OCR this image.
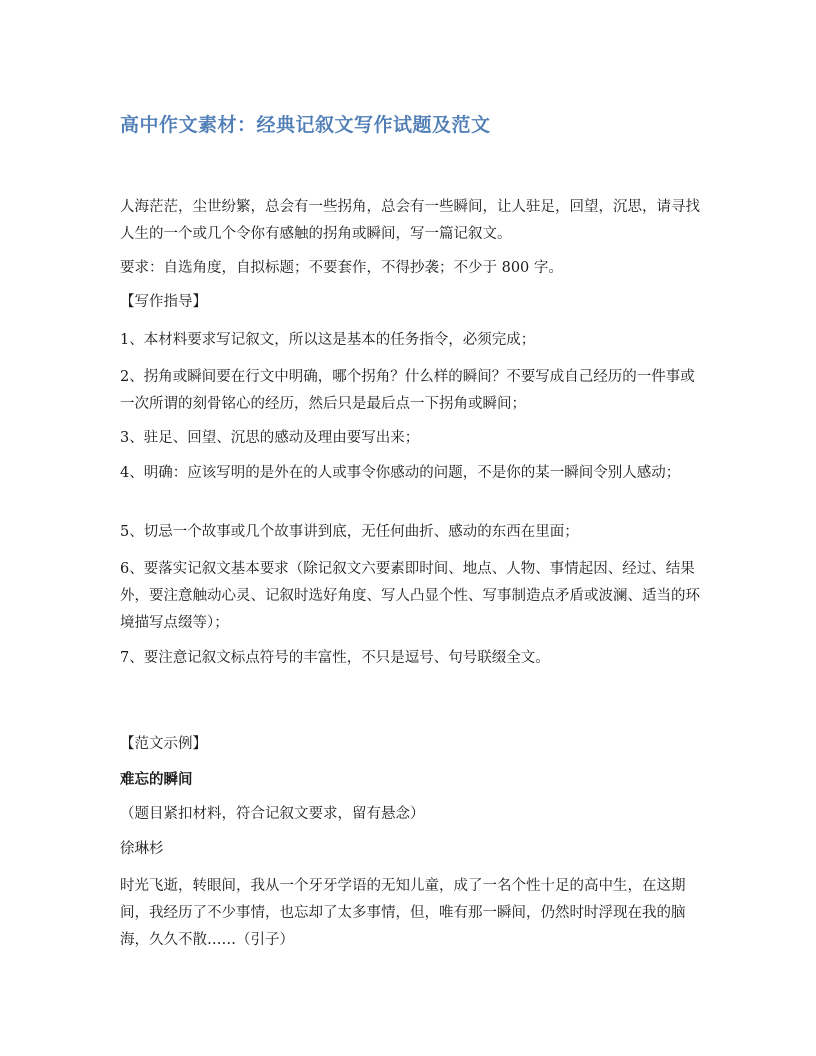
高中作文素材：经典记叙文写作试题及范文
人海茫茫，尘世纷繁，总会有一些拐角，总会有一些瞬间，让人驻足，回望，沉思，请寻找人生的一个或几个令你有感触的拐角或瞬间，写一篇记叙文。
要求：自选角度，自拟标题；不要套作，不得抄袭；不少于 800 字。
【写作指导】
1、本材料要求写记叙文，所以这是基本的任务指令，必须完成；
2、拐角或瞬间要在行文中明确，哪个拐角？什么样的瞬间？不要写成自己经历的一件事或一次所谓的刻骨铭心的经历，然后只是最后点一下拐角或瞬间；
3、驻足、回望、沉思的感动及理由要写出来；
4、明确：应该写明的是外在的人或事令你感动的问题，不是你的某一瞬间令别人感动；
5、切忌一个故事或几个故事讲到底，无任何曲折、感动的东西在里面；
6、要落实记叙文基本要求（除记叙文六要素即时间、地点、人物、事情起因、经过、结果外，要注意触动心灵、记叙时选好角度、写人凸显个性、写事制造点矛盾或波澜、适当的环境描写点缀等）；
7、要注意记叙文标点符号的丰富性，不只是逗号、句号联缀全文。
【范文示例】
难忘的瞬间
（题目紧扣材料，符合记叙文要求，留有悬念）
徐琳杉
时光飞逝，转眼间，我从一个牙牙学语的无知儿童，成了一名个性十足的高中生，在这期间，我经历了不少事情，也忘却了太多事情，但，唯有那一瞬间，仍然时时浮现在我的脑海，久久不散……（引子）
